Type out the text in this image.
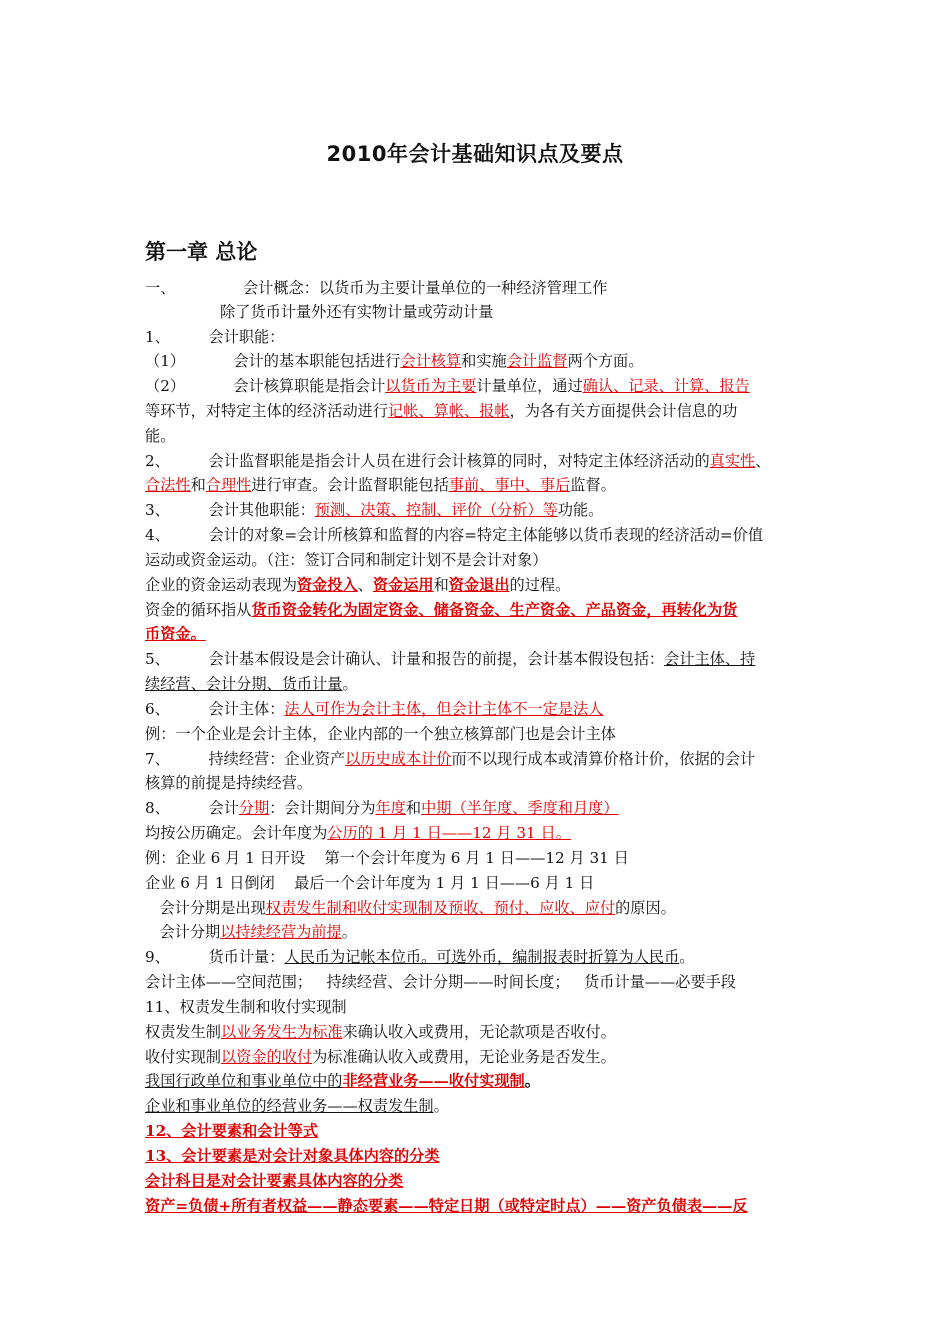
2010年会计基础知识点及要点
第一章 总论
一、              会计概念：以货币为主要计量单位的一种经济管理工作
除了货币计量外还有实物计量或劳动计量
1、        会计职能：
（1）          会计的基本职能包括进行会计核算和实施会计监督两个方面。
（2）          会计核算职能是指会计以货币为主要计量单位，通过确认、记录、计算、报告
等环节，对特定主体的经济活动进行记帐、算帐、报帐，为各有关方面提供会计信息的功
能。
2、        会计监督职能是指会计人员在进行会计核算的同时，对特定主体经济活动的真实性、
合法性和合理性进行审查。会计监督职能包括事前、事中、事后监督。
3、        会计其他职能：预测、决策、控制、评价（分析）等功能。
4、        会计的对象=会计所核算和监督的内容=特定主体能够以货币表现的经济活动=价值
运动或资金运动。（注：签订合同和制定计划不是会计对象）
企业的资金运动表现为资金投入、资金运用和资金退出的过程。
资金的循环指从货币资金转化为固定资金、储备资金、生产资金、产品资金，再转化为货
币资金。
5、        会计基本假设是会计确认、计量和报告的前提，会计基本假设包括：会计主体、持
续经营、会计分期、货币计量。
6、        会计主体：法人可作为会计主体，但会计主体不一定是法人
例：一个企业是会计主体，企业内部的一个独立核算部门也是会计主体
7、        持续经营：企业资产以历史成本计价而不以现行成本或清算价格计价，依据的会计
核算的前提是持续经营。
8、        会计分期：会计期间分为年度和中期（半年度、季度和月度）
均按公历确定。会计年度为公历的 1 月 1 日——12 月 31 日。
例：企业 6 月 1 日开设    第一个会计年度为 6 月 1 日——12 月 31 日
企业 6 月 1 日倒闭    最后一个会计年度为 1 月 1 日——6 月 1 日
会计分期是出现权责发生制和收付实现制及预收、预付、应收、应付的原因。
会计分期以持续经营为前提。
9、        货币计量：人民币为记帐本位币。可选外币，编制报表时折算为人民币。
会计主体——空间范围；   持续经营、会计分期——时间长度；   货币计量——必要手段
11、权责发生制和收付实现制
权责发生制以业务发生为标准来确认收入或费用，无论款项是否收付。
收付实现制以资金的收付为标准确认收入或费用，无论业务是否发生。
我国行政单位和事业单位中的非经营业务——收付实现制。
企业和事业单位的经营业务——权责发生制。
12、会计要素和会计等式
13、会计要素是对会计对象具体内容的分类
会计科目是对会计要素具体内容的分类
资产=负债+所有者权益——静态要素——特定日期（或特定时点）——资产负债表——反
